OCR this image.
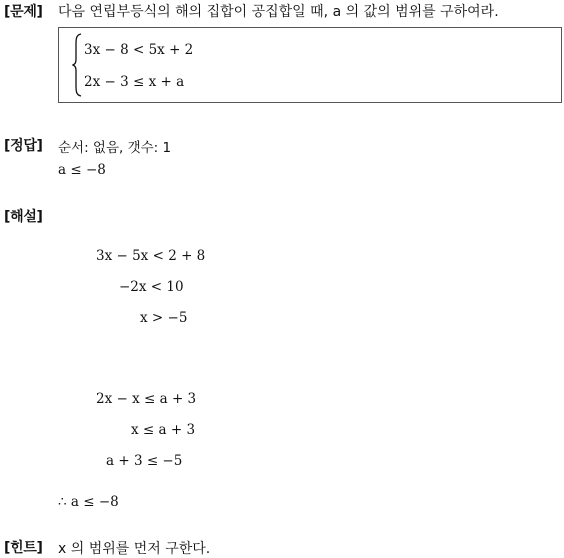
[문제] 다음 연립부등식의 해의 집합이 공집합일 때, a 의 값의 범위를 구하여라.
3x − 8 < 5x + 2
2x − 3 ≤ x + a
[정답] 순서: 없음, 갯수: 1
a ≤ −8
[해설]
3x − 5x < 2 + 8
−2x < 10
x > −5
2x − x ≤ a + 3
x ≤ a + 3
a + 3 ≤ −5
∴ a ≤ −8
[힌트] x 의 범위를 먼저 구한다.
